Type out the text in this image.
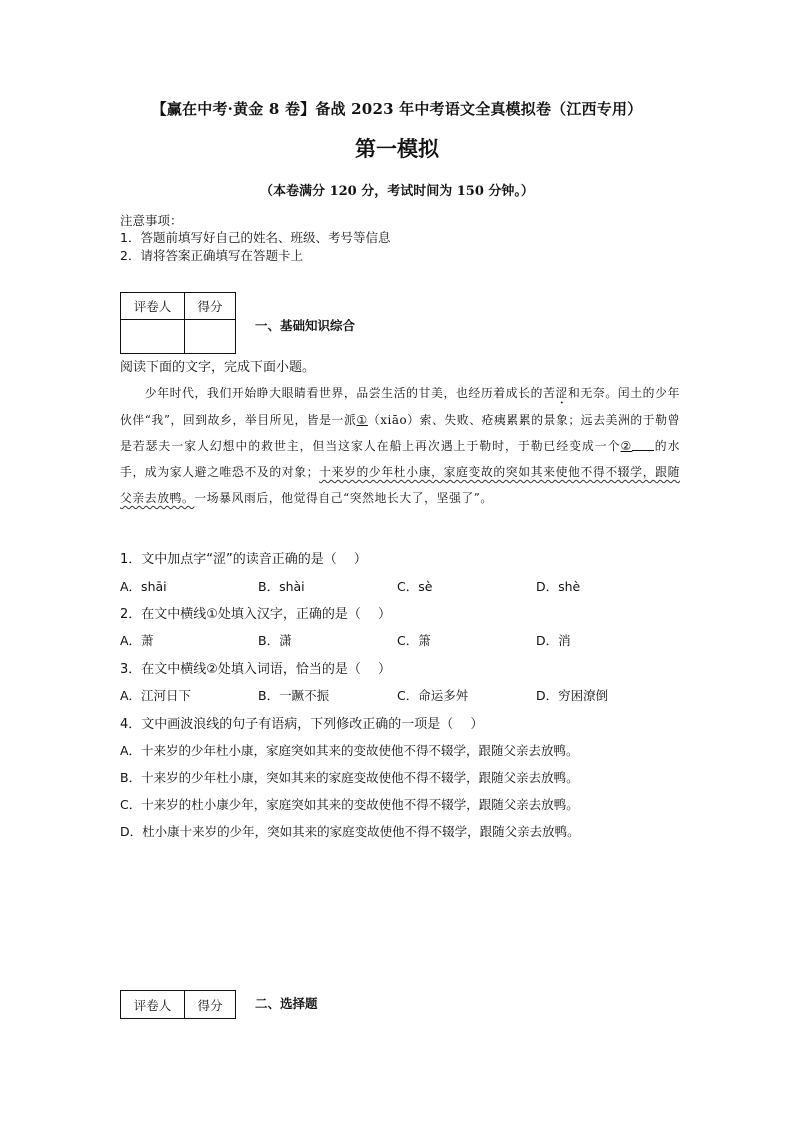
【赢在中考·黄金 8 卷】备战 2023 年中考语文全真模拟卷（江西专用）
第一模拟
（本卷满分 120 分，考试时间为 150 分钟。）
注意事项：
1．答题前填写好自己的姓名、班级、考号等信息
2．请将答案正确填写在答题卡上
评卷人	得分

一、基础知识综合
阅读下面的文字，完成下面小题。

少年时代，我们开始睁大眼睛看世界，品尝生活的甘美，也经历着成长的苦涩和无奈。闰土的少年伙伴“我”，回到故乡，举目所见，皆是一派①（xiāo）索、失败、疮痍累累的景象；远去美洲的于勒曾是若瑟夫一家人幻想中的救世主，但当这家人在船上再次遇上于勒时，于勒已经变成一个② 的水手，成为家人避之唯恐不及的对象；十来岁的少年杜小康，家庭变故的突如其来使他不得不辍学，跟随父亲去放鸭。一场暴风雨后，他觉得自己“突然地长大了，坚强了”。

1．文中加点字“涩”的读音正确的是（　 ）
A．shāi	B．shài	C．sè	D．shè
2．在文中横线①处填入汉字，正确的是（　 ）
A．萧	B．潇	C．箫	D．消
3．在文中横线②处填入词语，恰当的是（　 ）
A．江河日下	B．一蹶不振	C．命运多舛	D．穷困潦倒
4．文中画波浪线的句子有语病，下列修改正确的一项是（　 ）
A．十来岁的少年杜小康，家庭突如其来的变故使他不得不辍学，跟随父亲去放鸭。
B．十来岁的少年杜小康，突如其来的家庭变故使他不得不辍学，跟随父亲去放鸭。
C．十来岁的杜小康少年，家庭突如其来的变故使他不得不辍学，跟随父亲去放鸭。
D．杜小康十来岁的少年，突如其来的家庭变故使他不得不辍学，跟随父亲去放鸭。
评卷人	得分	二、选择题
